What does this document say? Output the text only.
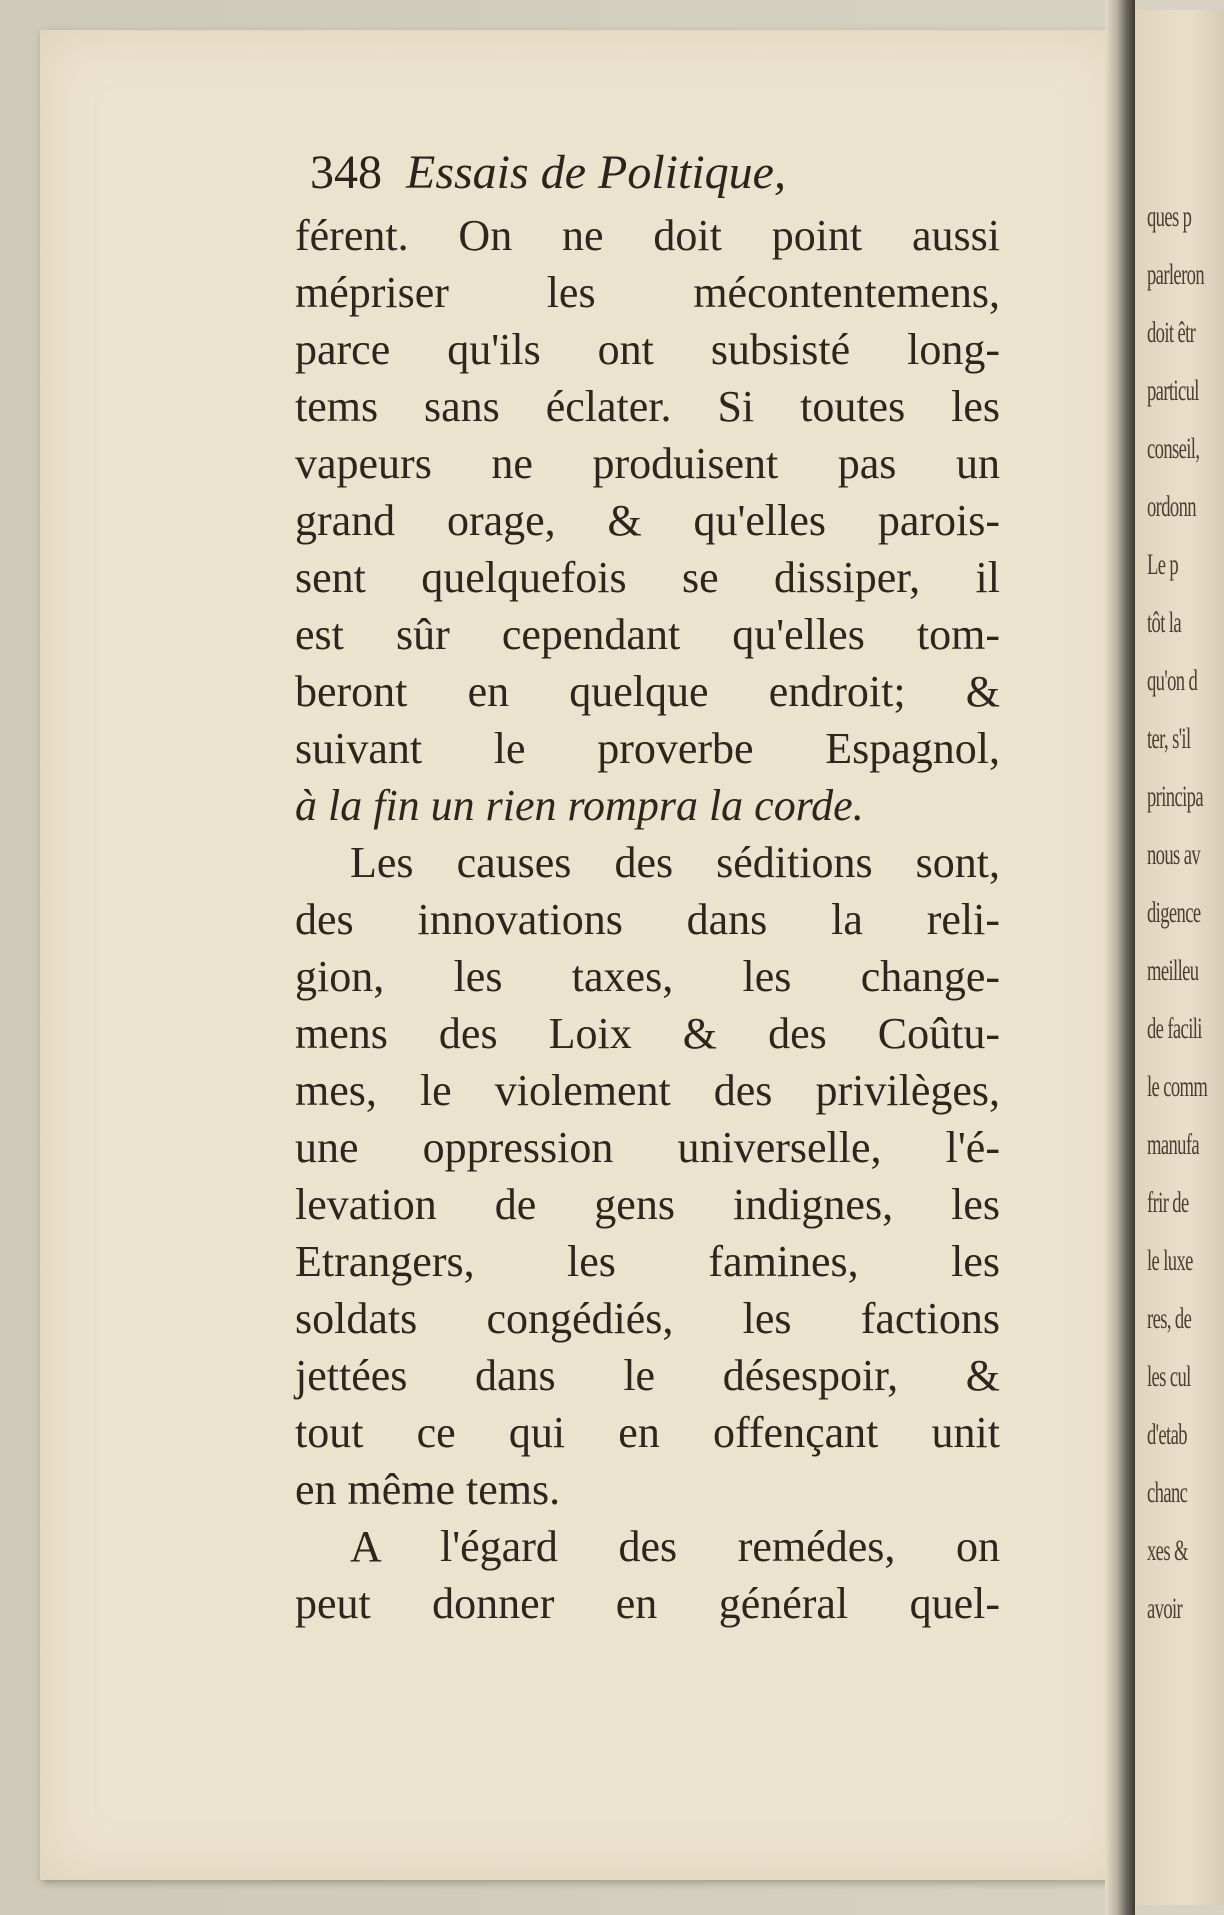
348 Essais de Politique,
férent. On ne doit point aussi
mépriser les mécontentemens,
parce qu'ils ont subsisté long-
tems sans éclater. Si toutes les
vapeurs ne produisent pas un
grand orage, & qu'elles parois-
sent quelquefois se dissiper, il
est sûr cependant qu'elles tom-
beront en quelque endroit; &
suivant le proverbe Espagnol,
à la fin un rien rompra la corde.
Les causes des séditions sont,
des innovations dans la reli-
gion, les taxes, les change-
mens des Loix & des Coûtu-
mes, le violement des privilèges,
une oppression universelle, l'é-
levation de gens indignes, les
Etrangers, les famines, les
soldats congédiés, les factions
jettées dans le désespoir, &
tout ce qui en offençant unit
en même tems.
A l'égard des remédes, on
peut donner en général quel-
ques p
parleron
doit êtr
particul
conseil,
ordonn
Le p
tôt la
qu'on d
ter, s'il
principa
nous av
digence
meilleu
de facili
le comm
manufa
frir de
le luxe
res, de
les cul
d'etab
chanc
xes &
avoir
